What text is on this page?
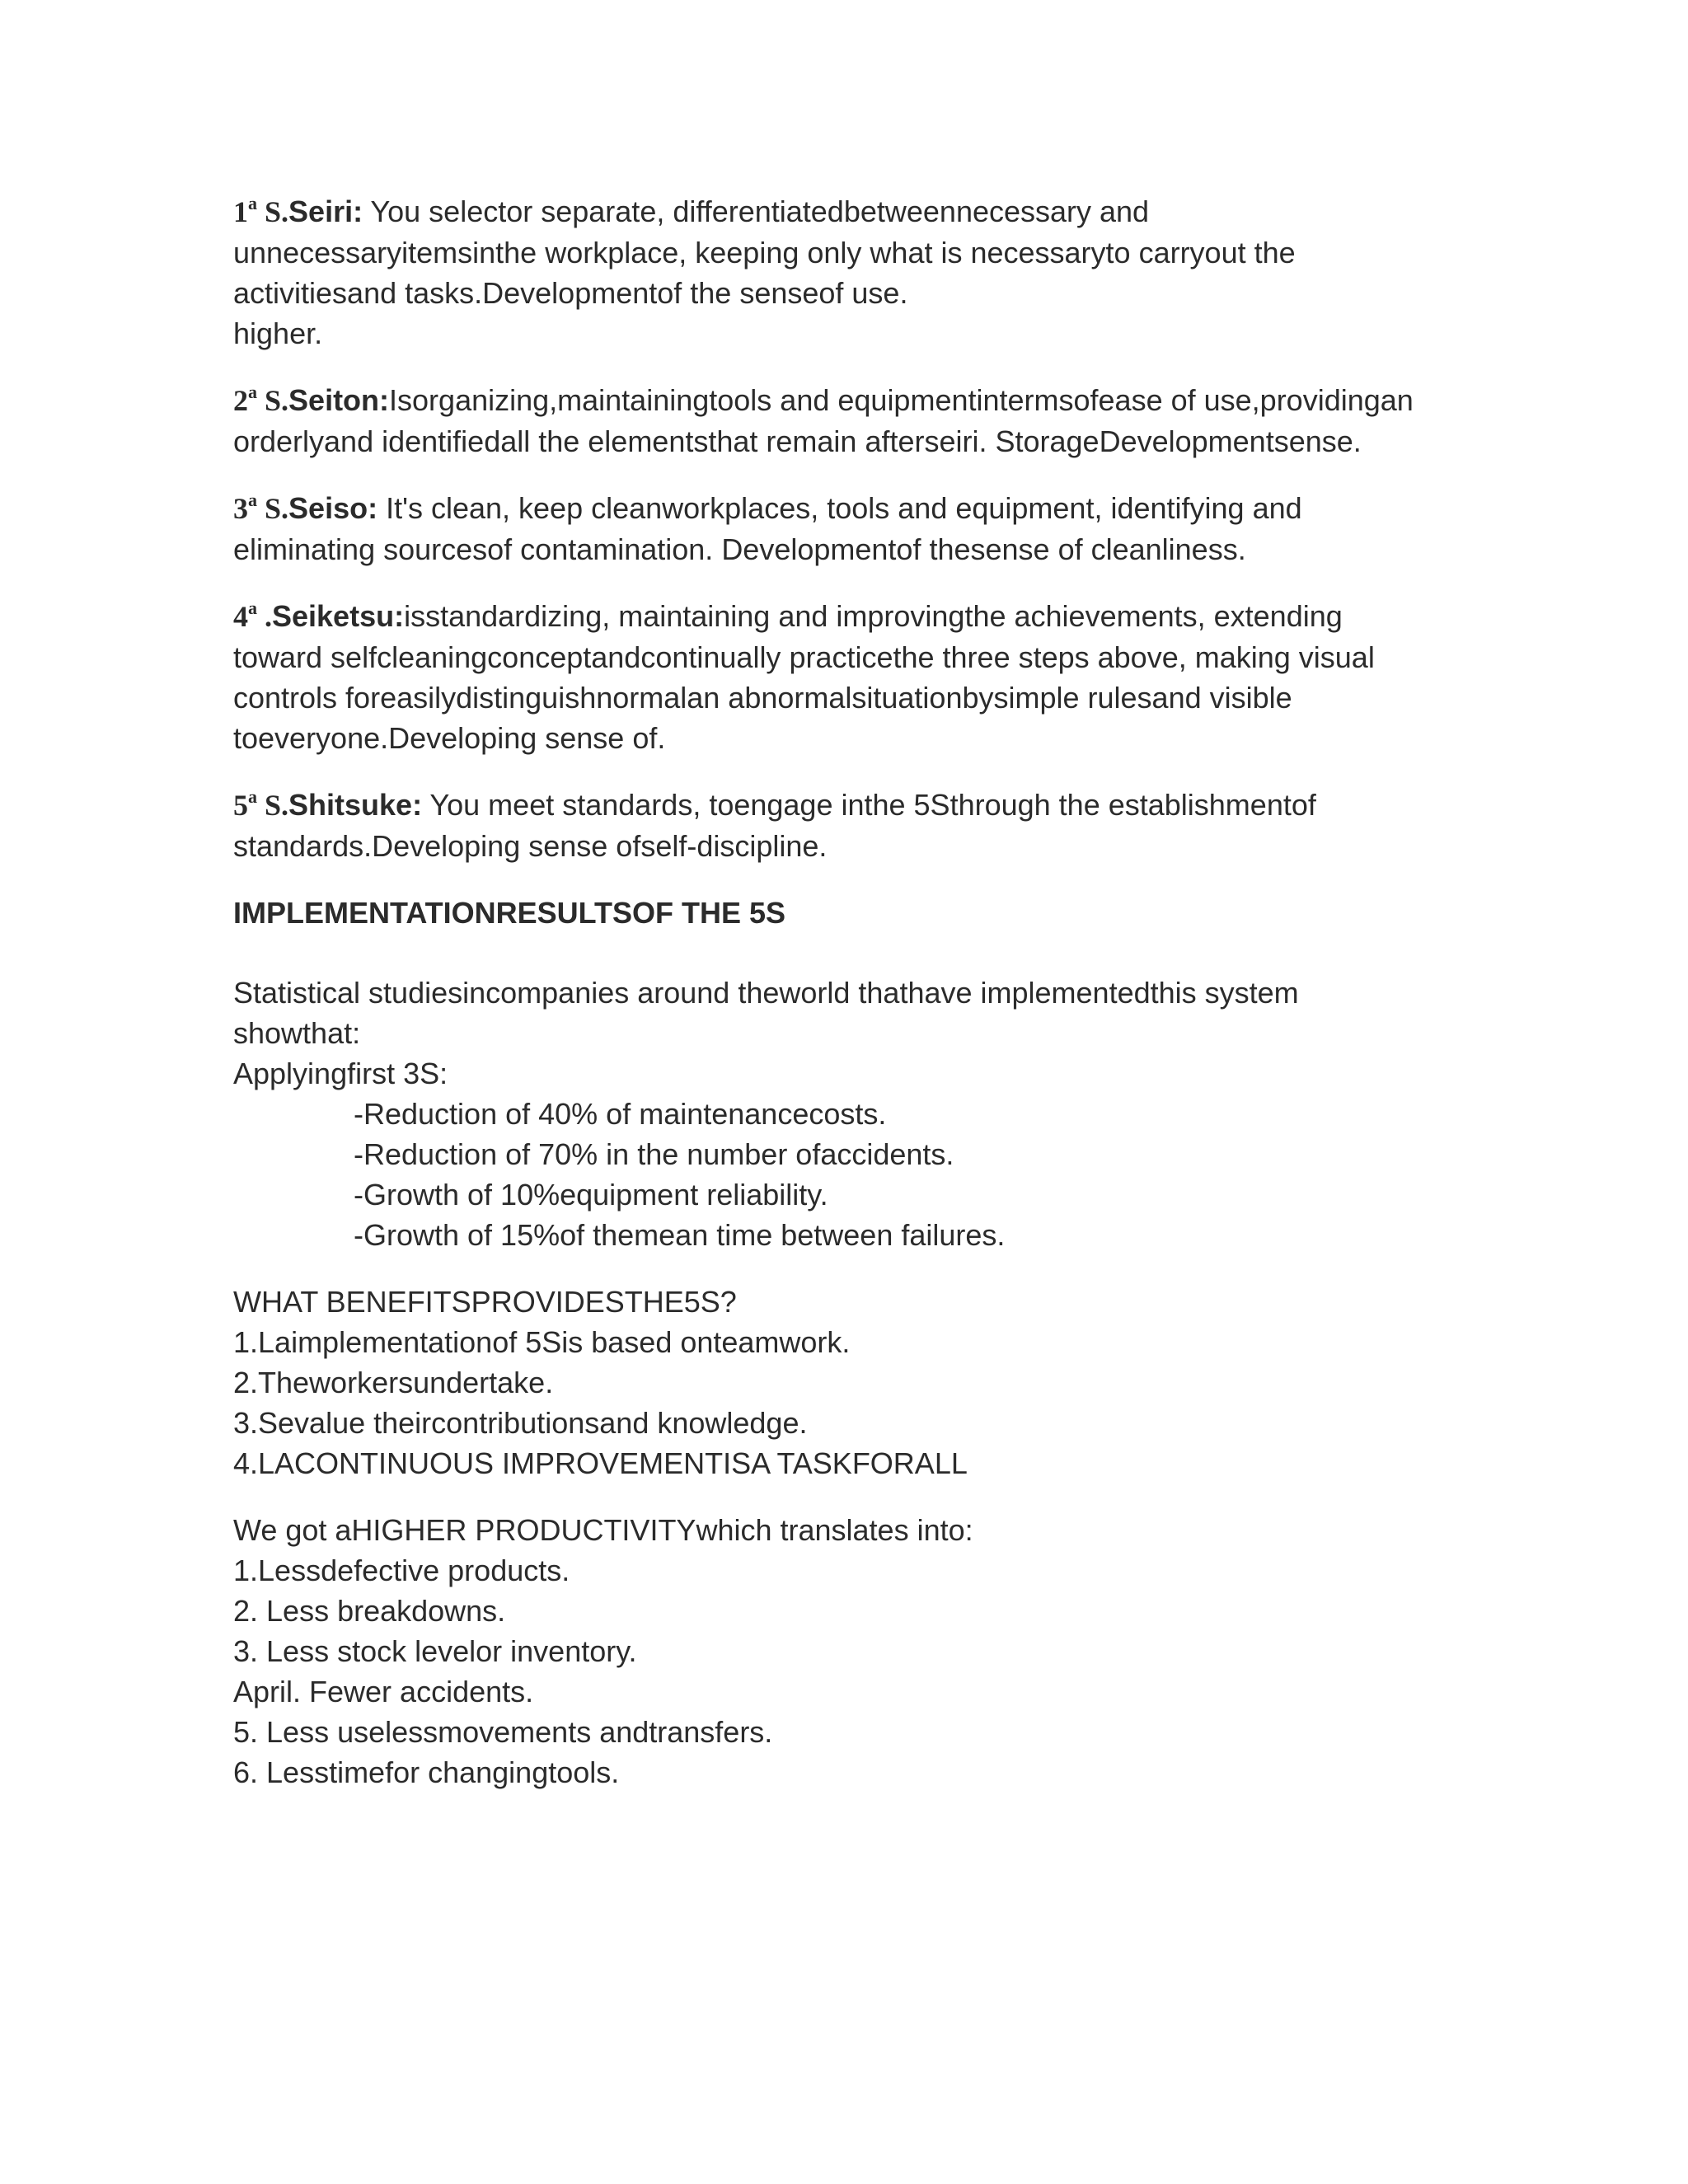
1$^a$ S.Seiri: You selector separate, differentiatedbetweennecessary and
unnecessaryitemsinthe workplace, keeping only what is necessaryto carryout the
activitiesand tasks.Developmentof the senseof use.
higher.
2$^a$ S.Seiton:Isorganizing,maintainingtools and equipmentintermsofease of use,providingan
orderlyand identifiedall the elementsthat remain afterseiri. StorageDevelopmentsense.
3$^a$ S.Seiso: It's clean, keep cleanworkplaces, tools and equipment, identifying and
eliminating sourcesof contamination. Developmentof thesense of cleanliness.
4$^a$ .Seiketsu:isstandardizing, maintaining and improvingthe achievements, extending
toward selfcleaningconceptandcontinually practicethe three steps above, making visual
controls foreasilydistinguishnormalan abnormalsituationbysimple rulesand visible
toeveryone.Developing sense of.
5$^a$ S.Shitsuke: You meet standards, toengage inthe 5Sthrough the establishmentof
standards.Developing sense ofself-discipline.
IMPLEMENTATIONRESULTSOF THE 5S
Statistical studiesincompanies around theworld thathave implementedthis system
showthat:
Applyingfirst 3S:
-Reduction of 40% of maintenancecosts.
-Reduction of 70% in the number ofaccidents.
-Growth of 10%equipment reliability.
-Growth of 15%of themean time between failures.
WHAT BENEFITSPROVIDESTHE5S?
1.Laimplementationof 5Sis based onteamwork.
2.Theworkersundertake.
3.Sevalue theircontributionsand knowledge.
4.LACONTINUOUS IMPROVEMENTISA TASKFORALL
We got aHIGHER PRODUCTIVITYwhich translates into:
1.Lessdefective products.
2. Less breakdowns.
3. Less stock levelor inventory.
April. Fewer accidents.
5. Less uselessmovements andtransfers.
6. Lesstimefor changingtools.
